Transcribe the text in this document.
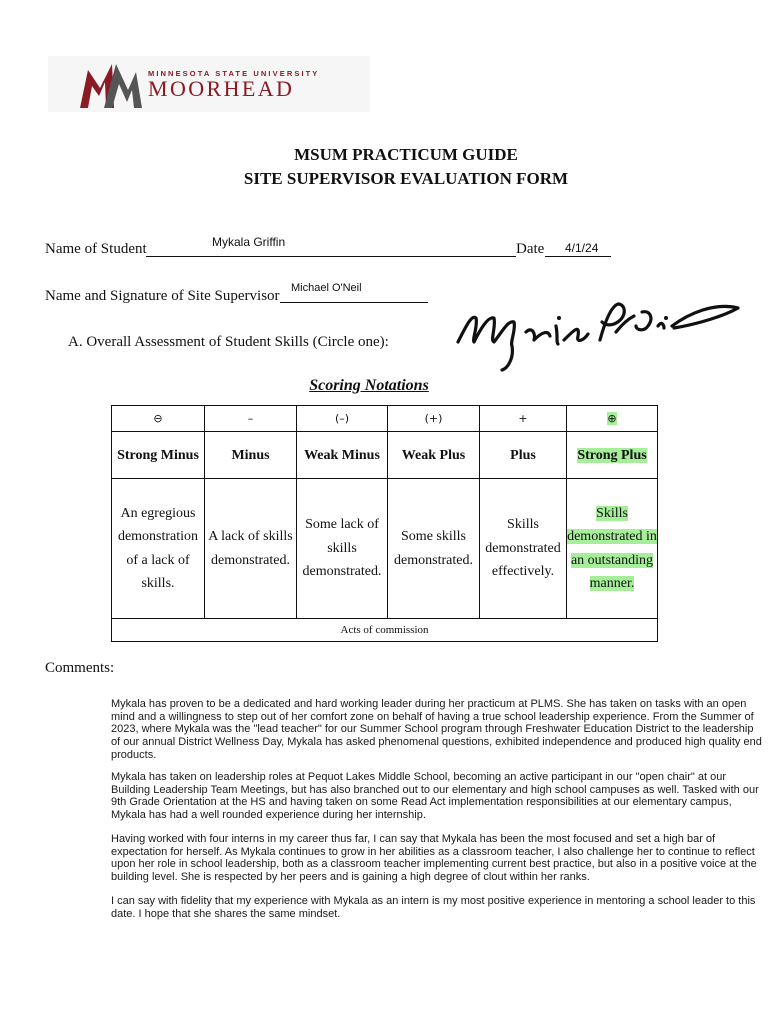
MINNESOTA STATE UNIVERSITY
MOORHEAD
MSUM PRACTICUM GUIDE
SITE SUPERVISOR EVALUATION FORM
Name of Student	Mykala Griffin	Date 4/1/24
Name and Signature of Site Supervisor Michael O'Neil
A. Overall Assessment of Student Skills (Circle one):
Scoring Notations
⊖	–	(–)	(+)	+	⊕
Strong Minus	Minus	Weak Minus	Weak Plus	Plus	Strong Plus
An egregious demonstration of a lack of skills.	A lack of skills demonstrated.	Some lack of skills demonstrated.	Some skills demonstrated.	Skills demonstrated effectively.	Skills demonstrated in an outstanding manner.
Acts of commission					
Comments:
Mykala has proven to be a dedicated and hard working leader during her practicum at PLMS. She has taken on tasks with an open mind and a willingness to step out of her comfort zone on behalf of having a true school leadership experience. From the Summer of 2023, where Mykala was the "lead teacher" for our Summer School program through Freshwater Education District to the leadership of our annual District Wellness Day, Mykala has asked phenomenal questions, exhibited independence and produced high quality end products.
Mykala has taken on leadership roles at Pequot Lakes Middle School, becoming an active participant in our "open chair" at our Building Leadership Team Meetings, but has also branched out to our elementary and high school campuses as well. Tasked with our 9th Grade Orientation at the HS and having taken on some Read Act implementation responsibilities at our elementary campus, Mykala has had a well rounded experience during her internship.
Having worked with four interns in my career thus far, I can say that Mykala has been the most focused and set a high bar of expectation for herself. As Mykala continues to grow in her abilities as a classroom teacher, I also challenge her to continue to reflect upon her role in school leadership, both as a classroom teacher implementing current best practice, but also in a positive voice at the building level. She is respected by her peers and is gaining a high degree of clout within her ranks.
I can say with fidelity that my experience with Mykala as an intern is my most positive experience in mentoring a school leader to this date. I hope that she shares the same mindset.
